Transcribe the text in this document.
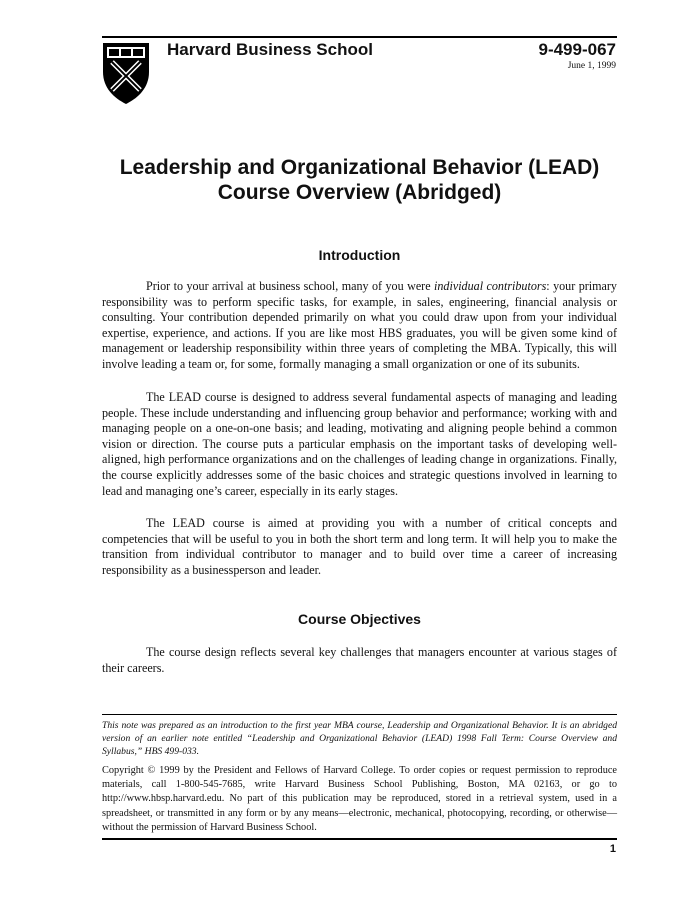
Harvard Business School	9-499-067
June 1, 1999
Leadership and Organizational Behavior (LEAD)
Course Overview (Abridged)
Introduction

Prior to your arrival at business school, many of you were individual contributors: your primary responsibility was to perform specific tasks, for example, in sales, engineering, financial analysis or consulting. Your contribution depended primarily on what you could draw upon from your individual expertise, experience, and actions. If you are like most HBS graduates, you will be given some kind of management or leadership responsibility within three years of completing the MBA. Typically, this will involve leading a team or, for some, formally managing a small organization or one of its subunits.

The LEAD course is designed to address several fundamental aspects of managing and leading people. These include understanding and influencing group behavior and performance; working with and managing people on a one-on-one basis; and leading, motivating and aligning people behind a common vision or direction. The course puts a particular emphasis on the important tasks of developing well-aligned, high performance organizations and on the challenges of leading change in organizations. Finally, the course explicitly addresses some of the basic choices and strategic questions involved in learning to lead and managing one’s career, especially in its early stages.

The LEAD course is aimed at providing you with a number of critical concepts and competencies that will be useful to you in both the short term and long term. It will help you to make the transition from individual contributor to manager and to build over time a career of increasing responsibility as a businessperson and leader.

Course Objectives

The course design reflects several key challenges that managers encounter at various stages of their careers.

This note was prepared as an introduction to the first year MBA course, Leadership and Organizational Behavior. It is an abridged version of an earlier note entitled “Leadership and Organizational Behavior (LEAD) 1998 Fall Term: Course Overview and Syllabus,” HBS 499-033.

Copyright © 1999 by the President and Fellows of Harvard College. To order copies or request permission to reproduce materials, call 1-800-545-7685, write Harvard Business School Publishing, Boston, MA 02163, or go to http://www.hbsp.harvard.edu. No part of this publication may be reproduced, stored in a retrieval system, used in a spreadsheet, or transmitted in any form or by any means—electronic, mechanical, photocopying, recording, or otherwise—without the permission of Harvard Business School.

1
